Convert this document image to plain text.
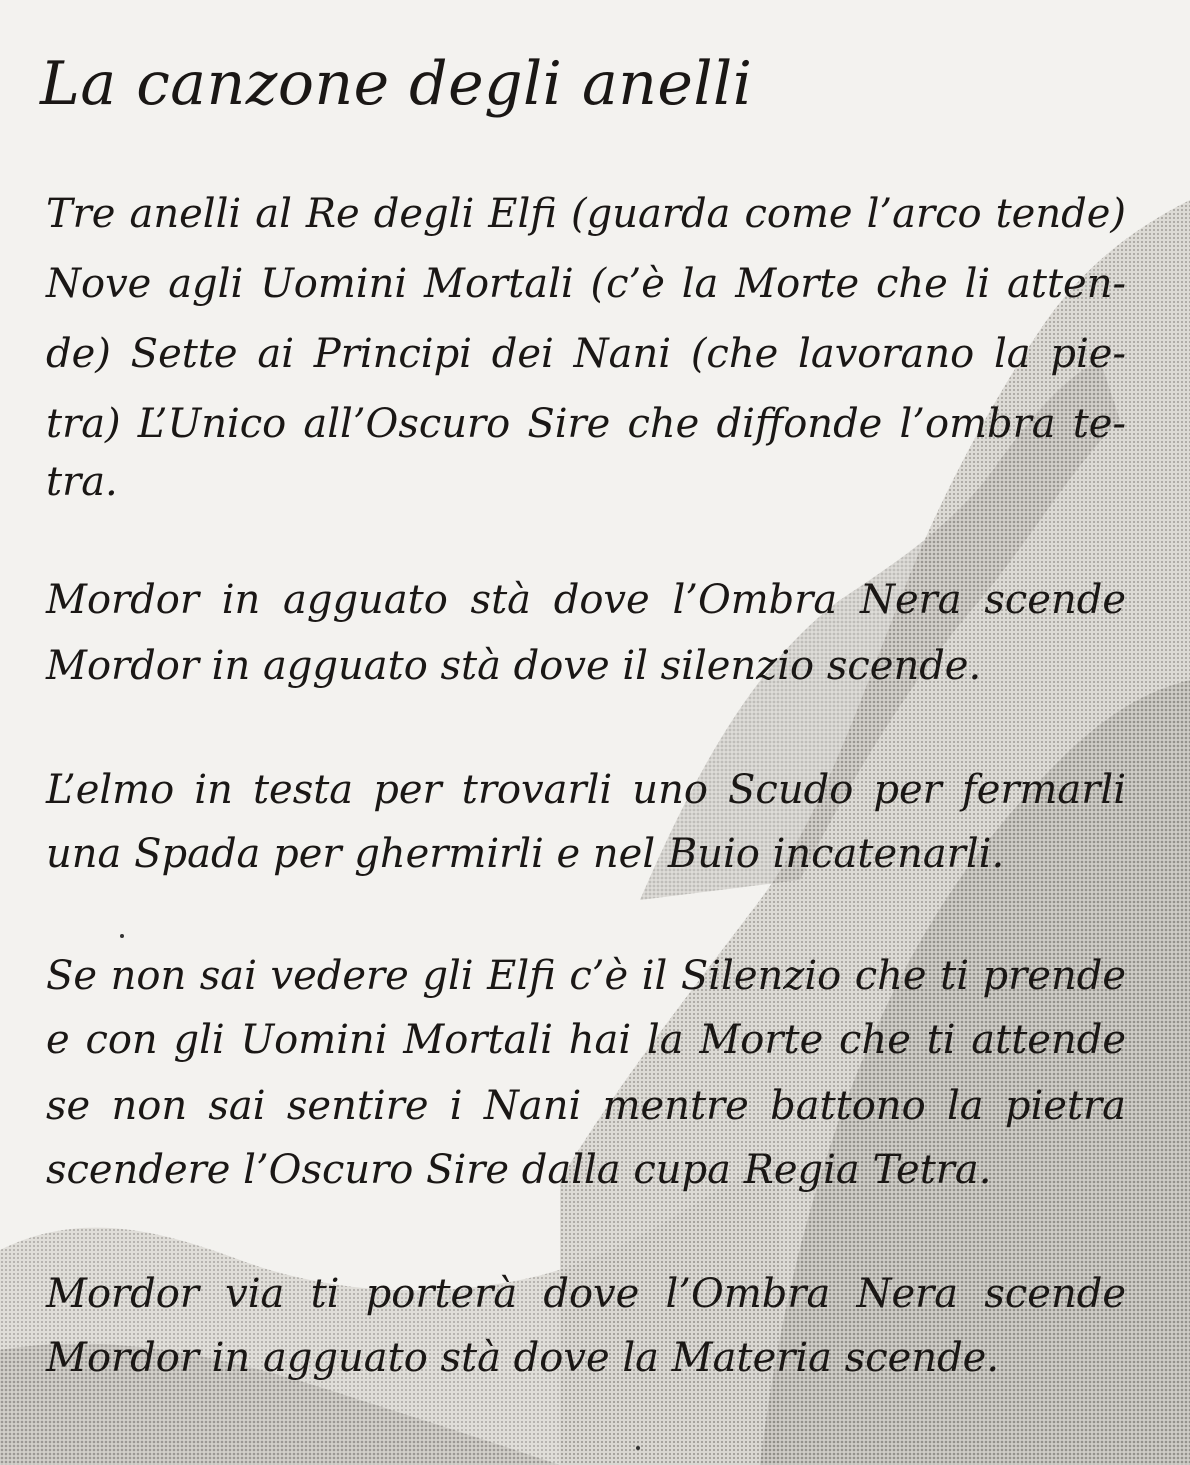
La canzone degli anelli
Tre anelli al Re degli Elfi (guarda come l’arco tende)
Nove agli Uomini Mortali (c’è la Morte che li atten-
de) Sette ai Principi dei Nani (che lavorano la pie-
tra) L’Unico all’Oscuro Sire che diffonde l’ombra te-
tra.
Mordor in agguato stà dove l’Ombra Nera scende
Mordor in agguato stà dove il silenzio scende.
L’elmo in testa per trovarli uno Scudo per fermarli
una Spada per ghermirli e nel Buio incatenarli.
Se non sai vedere gli Elfi c’è il Silenzio che ti prende
e con gli Uomini Mortali hai la Morte che ti attende
se non sai sentire i Nani mentre battono la pietra
scendere l’Oscuro Sire dalla cupa Regia Tetra.
Mordor via ti porterà dove l’Ombra Nera scende
Mordor in agguato stà dove la Materia scende.
